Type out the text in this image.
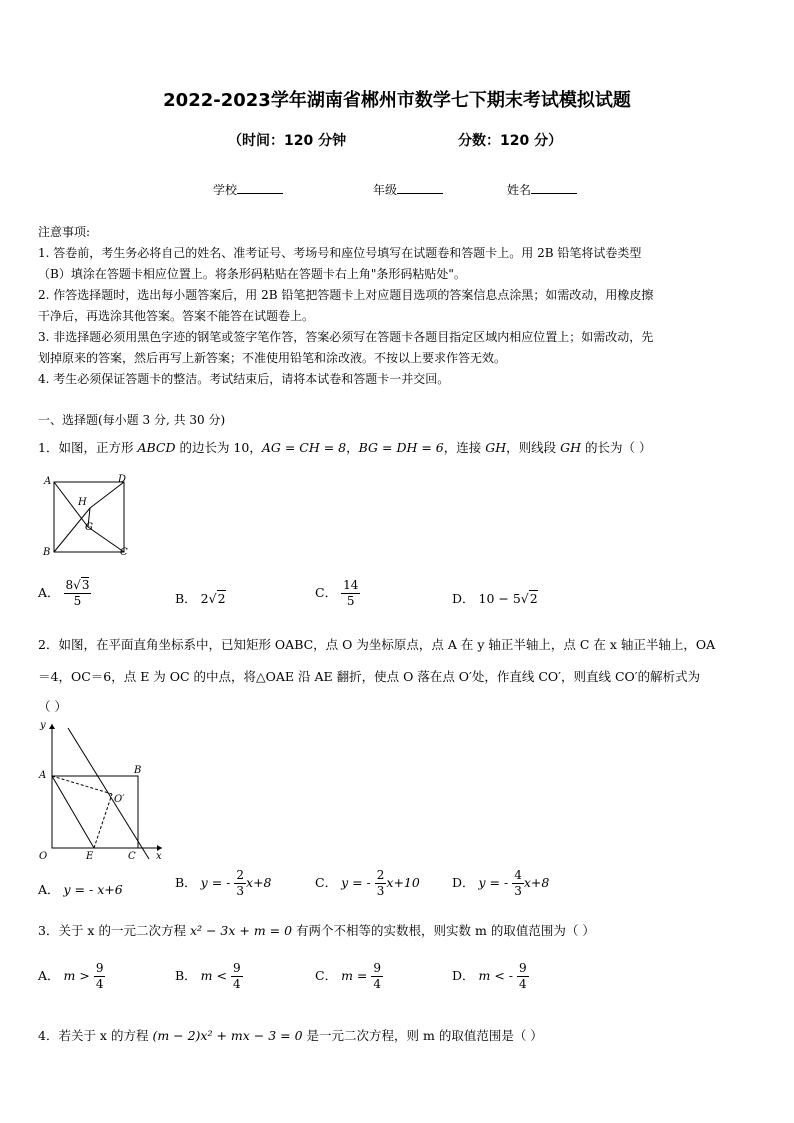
2022-2023学年湖南省郴州市数学七下期末考试模拟试题
（时间：120 分钟	分数：120 分）
学校	年级	姓名
注意事项:
1. 答卷前，考生务必将自己的姓名、准考证号、考场号和座位号填写在试题卷和答题卡上。用 2B 铅笔将试卷类型
（B）填涂在答题卡相应位置上。将条形码粘贴在答题卡右上角"条形码粘贴处"。
2. 作答选择题时，选出每小题答案后，用 2B 铅笔把答题卡上对应题目选项的答案信息点涂黑；如需改动，用橡皮擦
干净后，再选涂其他答案。答案不能答在试题卷上。
3. 非选择题必须用黑色字迹的钢笔或签字笔作答，答案必须写在答题卡各题目指定区域内相应位置上；如需改动，先
划掉原来的答案，然后再写上新答案；不准使用铅笔和涂改液。不按以上要求作答无效。
4. 考生必须保证答题卡的整洁。考试结束后，请将本试卷和答题卡一并交回。
一、选择题(每小题 3 分, 共 30 分)
1．如图，正方形 ABCD 的边长为 10，AG = CH = 8，BG = DH = 6，连接 GH，则线段 GH 的长为（ ）
A	D
H
G
B	C
A． $\frac{8√3}{5}$	B． 2√2	C． $\frac{14}{5}$	D． 10 − 5√2
2．如图，在平面直角坐标系中，已知矩形 OABC，点 O 为坐标原点，点 A 在 y 轴正半轴上，点 C 在 x 轴正半轴上，OA
＝4，OC＝6，点 E 为 OC 的中点，将△OAE 沿 AE 翻折，使点 O 落在点 O′处，作直线 CO′，则直线 CO′的解析式为
（ ）
y
A	B
O′
O	E	C x
A． y = - x+6	B． y = - $\frac{2}{3} x+8$	C． y = - $\frac{2}{3} x+10$	D． y = - $\frac{4}{3} x+8$
3．关于 x 的一元二次方程 x² − 3x + m = 0 有两个不相等的实数根，则实数 m 的取值范围为（ ）
A． $m > \frac{9}{4}$	B． $m < \frac{9}{4}$	C． $m = \frac{9}{4}$	D． m < - $\frac{9}{4}$
4．若关于 x 的方程 (m − 2)x² + mx − 3 = 0 是一元二次方程，则 m 的取值范围是（ ）
